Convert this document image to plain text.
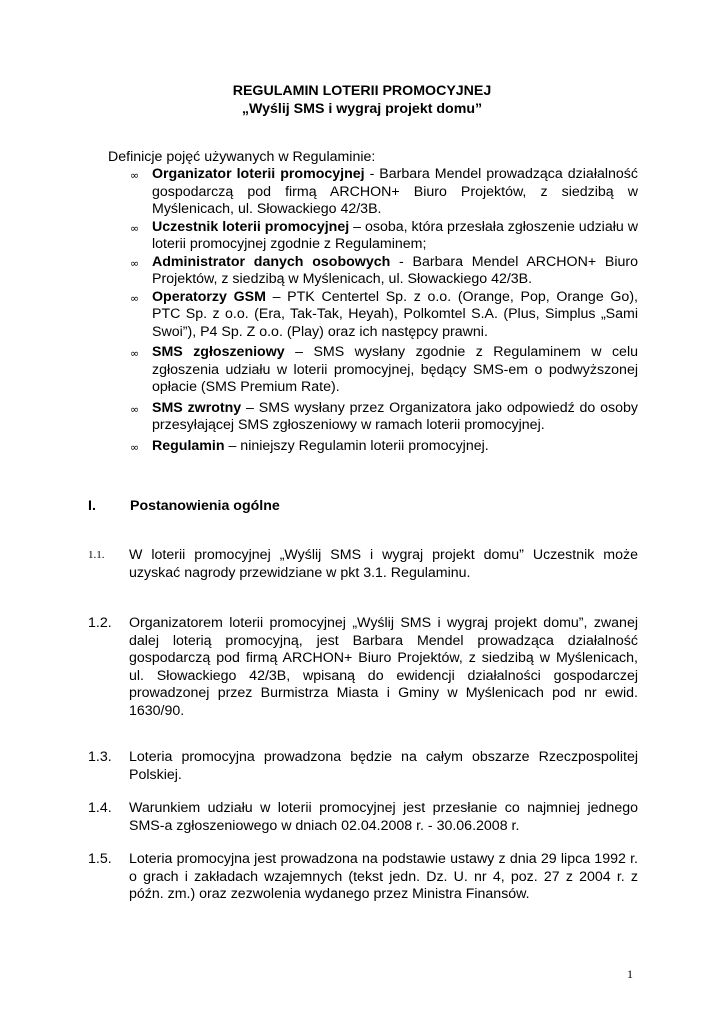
REGULAMIN LOTERII PROMOCYJNEJ
„Wyślij SMS i wygraj projekt domu”
Definicje pojęć używanych w Regulaminie:
∞ Organizator loterii promocyjnej - Barbara Mendel prowadząca działalność gospodarczą pod firmą ARCHON+ Biuro Projektów, z siedzibą w Myślenicach, ul. Słowackiego 42/3B.
∞ Uczestnik loterii promocyjnej – osoba, która przesłała zgłoszenie udziału w loterii promocyjnej zgodnie z Regulaminem;
∞ Administrator danych osobowych - Barbara Mendel ARCHON+ Biuro Projektów, z siedzibą w Myślenicach, ul. Słowackiego 42/3B.
∞ Operatorzy GSM – PTK Centertel Sp. z o.o. (Orange, Pop, Orange Go), PTC Sp. z o.o. (Era, Tak-Tak, Heyah), Polkomtel S.A. (Plus, Simplus „Sami Swoi”), P4 Sp. Z o.o. (Play) oraz ich następcy prawni.
∞ SMS zgłoszeniowy – SMS wysłany zgodnie z Regulaminem w celu zgłoszenia udziału w loterii promocyjnej, będący SMS-em o podwyższonej opłacie (SMS Premium Rate).
∞ SMS zwrotny – SMS wysłany przez Organizatora jako odpowiedź do osoby przesyłającej SMS zgłoszeniowy w ramach loterii promocyjnej.
∞ Regulamin – niniejszy Regulamin loterii promocyjnej.
I. Postanowienia ogólne
1.1. W loterii promocyjnej „Wyślij SMS i wygraj projekt domu” Uczestnik może uzyskać nagrody przewidziane w pkt 3.1. Regulaminu.
1.2. Organizatorem loterii promocyjnej „Wyślij SMS i wygraj projekt domu”, zwanej dalej loterią promocyjną, jest Barbara Mendel prowadząca działalność gospodarczą pod firmą ARCHON+ Biuro Projektów, z siedzibą w Myślenicach, ul. Słowackiego 42/3B, wpisaną do ewidencji działalności gospodarczej prowadzonej przez Burmistrza Miasta i Gminy w Myślenicach pod nr ewid. 1630/90.
1.3. Loteria promocyjna prowadzona będzie na całym obszarze Rzeczpospolitej Polskiej.
1.4. Warunkiem udziału w loterii promocyjnej jest przesłanie co najmniej jednego SMS-a zgłoszeniowego w dniach 02.04.2008 r. - 30.06.2008 r.
1.5. Loteria promocyjna jest prowadzona na podstawie ustawy z dnia 29 lipca 1992 r. o grach i zakładach wzajemnych (tekst jedn. Dz. U. nr 4, poz. 27 z 2004 r. z późn. zm.) oraz zezwolenia wydanego przez Ministra Finansów.
1
